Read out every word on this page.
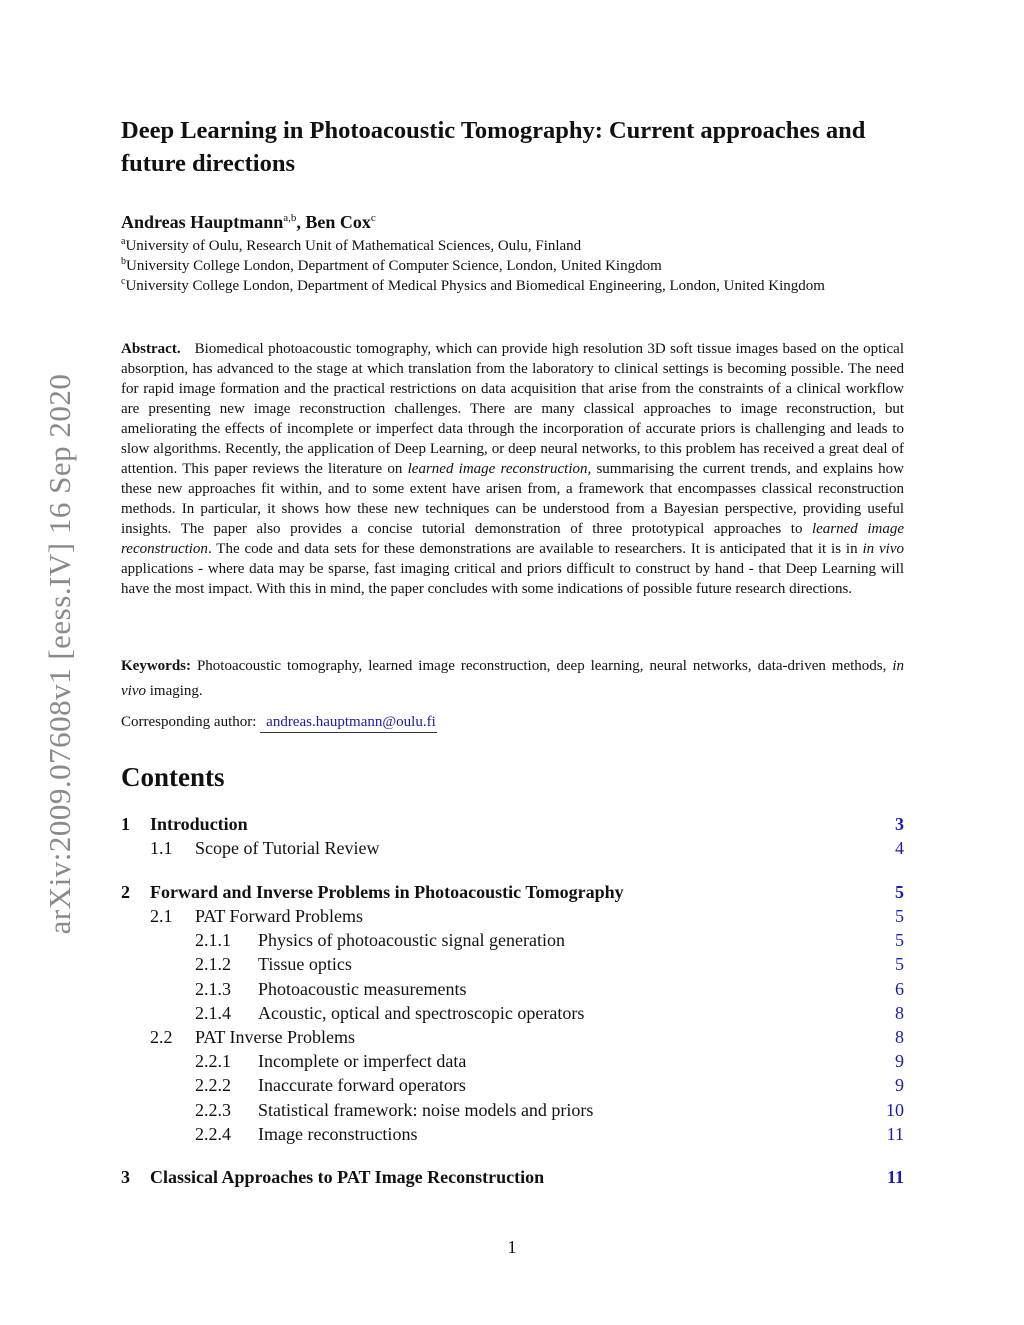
arXiv:2009.07608v1 [eess.IV] 16 Sep 2020
Deep Learning in Photoacoustic Tomography: Current approaches and future directions
Andreas Hauptmann$^{a,b}$, Ben Cox$^c$
$^a$University of Oulu, Research Unit of Mathematical Sciences, Oulu, Finland
$^b$University College London, Department of Computer Science, London, United Kingdom
$^c$University College London, Department of Medical Physics and Biomedical Engineering, London, United Kingdom

Abstract. Biomedical photoacoustic tomography, which can provide high resolution 3D soft tissue images based on the optical absorption, has advanced to the stage at which translation from the laboratory to clinical settings is becoming possible. The need for rapid image formation and the practical restrictions on data acquisition that arise from the constraints of a clinical workflow are presenting new image reconstruction challenges. There are many classical approaches to image reconstruction, but ameliorating the effects of incomplete or imperfect data through the incorporation of accurate priors is challenging and leads to slow algorithms. Recently, the application of Deep Learning, or deep neural networks, to this problem has received a great deal of attention. This paper reviews the literature on learned image reconstruction, summarising the current trends, and explains how these new approaches fit within, and to some extent have arisen from, a framework that encompasses classical reconstruction methods. In particular, it shows how these new techniques can be understood from a Bayesian perspective, providing useful insights. The paper also provides a concise tutorial demonstration of three prototypical approaches to learned image reconstruction. The code and data sets for these demonstrations are available to researchers. It is anticipated that it is in in vivo applications - where data may be sparse, fast imaging critical and priors difficult to construct by hand - that Deep Learning will have the most impact. With this in mind, the paper concludes with some indications of possible future research directions.

Keywords: Photoacoustic tomography, learned image reconstruction, deep learning, neural networks, data-driven methods, in vivo imaging.

Corresponding author: andreas.hauptmann@oulu.fi
Contents
1 Introduction	3
1.1 Scope of Tutorial Review	4
2 Forward and Inverse Problems in Photoacoustic Tomography	5
2.1 PAT Forward Problems	5
2.1.1 Physics of photoacoustic signal generation	5
2.1.2 Tissue optics	5
2.1.3 Photoacoustic measurements	6
2.1.4 Acoustic, optical and spectroscopic operators	8
2.2 PAT Inverse Problems	8
2.2.1 Incomplete or imperfect data	9
2.2.2 Inaccurate forward operators	9
2.2.3 Statistical framework: noise models and priors	10
2.2.4 Image reconstructions	11
3 Classical Approaches to PAT Image Reconstruction	11
1
